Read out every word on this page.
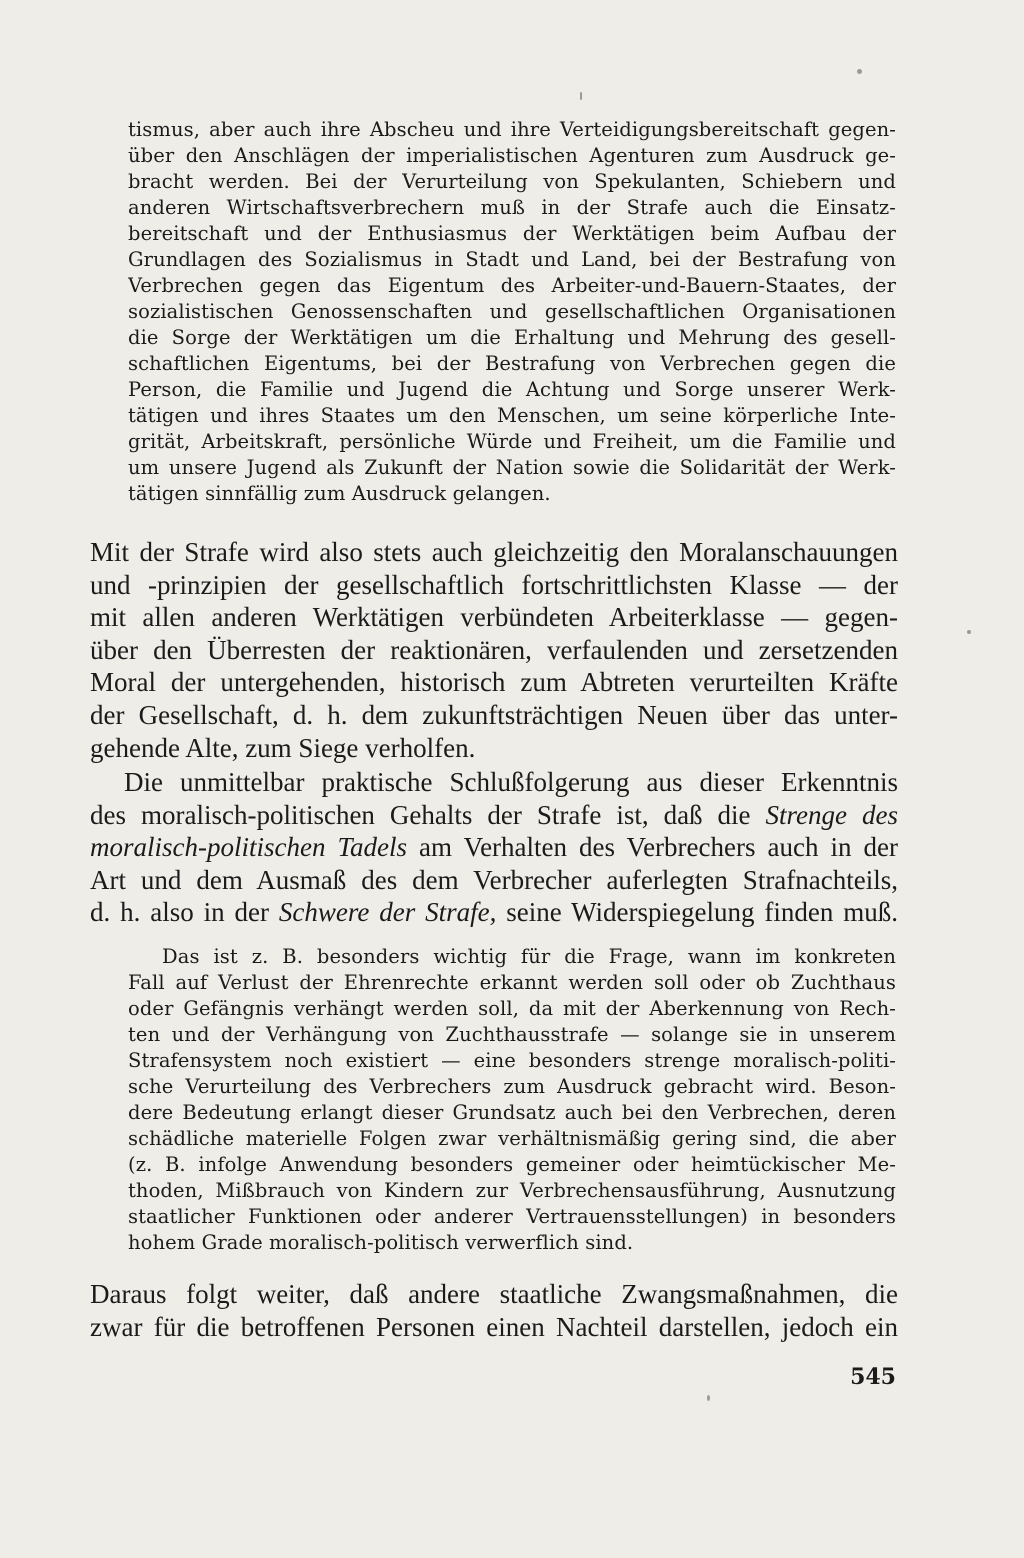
tismus, aber auch ihre Abscheu und ihre Verteidigungsbereitschaft gegen-
über den Anschlägen der imperialistischen Agenturen zum Ausdruck ge-
bracht werden. Bei der Verurteilung von Spekulanten, Schiebern und
anderen Wirtschaftsverbrechern muß in der Strafe auch die Einsatz-
bereitschaft und der Enthusiasmus der Werktätigen beim Aufbau der
Grundlagen des Sozialismus in Stadt und Land, bei der Bestrafung von
Verbrechen gegen das Eigentum des Arbeiter-und-Bauern-Staates, der
sozialistischen Genossenschaften und gesellschaftlichen Organisationen
die Sorge der Werktätigen um die Erhaltung und Mehrung des gesell-
schaftlichen Eigentums, bei der Bestrafung von Verbrechen gegen die
Person, die Familie und Jugend die Achtung und Sorge unserer Werk-
tätigen und ihres Staates um den Menschen, um seine körperliche Inte-
grität, Arbeitskraft, persönliche Würde und Freiheit, um die Familie und
um unsere Jugend als Zukunft der Nation sowie die Solidarität der Werk-
tätigen sinnfällig zum Ausdruck gelangen.
Mit der Strafe wird also stets auch gleichzeitig den Moralanschauungen
und -prinzipien der gesellschaftlich fortschrittlichsten Klasse — der
mit allen anderen Werktätigen verbündeten Arbeiterklasse — gegen-
über den Überresten der reaktionären, verfaulenden und zersetzenden
Moral der untergehenden, historisch zum Abtreten verurteilten Kräfte
der Gesellschaft, d. h. dem zukunftsträchtigen Neuen über das unter-
gehende Alte, zum Siege verholfen.
Die unmittelbar praktische Schlußfolgerung aus dieser Erkenntnis
des moralisch-politischen Gehalts der Strafe ist, daß die Strenge des
moralisch-politischen Tadels am Verhalten des Verbrechers auch in der
Art und dem Ausmaß des dem Verbrecher auferlegten Strafnachteils,
d. h. also in der Schwere der Strafe, seine Widerspiegelung finden muß.
Das ist z. B. besonders wichtig für die Frage, wann im konkreten
Fall auf Verlust der Ehrenrechte erkannt werden soll oder ob Zuchthaus
oder Gefängnis verhängt werden soll, da mit der Aberkennung von Rech-
ten und der Verhängung von Zuchthausstrafe — solange sie in unserem
Strafensystem noch existiert — eine besonders strenge moralisch-politi-
sche Verurteilung des Verbrechers zum Ausdruck gebracht wird. Beson-
dere Bedeutung erlangt dieser Grundsatz auch bei den Verbrechen, deren
schädliche materielle Folgen zwar verhältnismäßig gering sind, die aber
(z. B. infolge Anwendung besonders gemeiner oder heimtückischer Me-
thoden, Mißbrauch von Kindern zur Verbrechensausführung, Ausnutzung
staatlicher Funktionen oder anderer Vertrauensstellungen) in besonders
hohem Grade moralisch-politisch verwerflich sind.
Daraus folgt weiter, daß andere staatliche Zwangsmaßnahmen, die
zwar für die betroffenen Personen einen Nachteil darstellen, jedoch ein
545
